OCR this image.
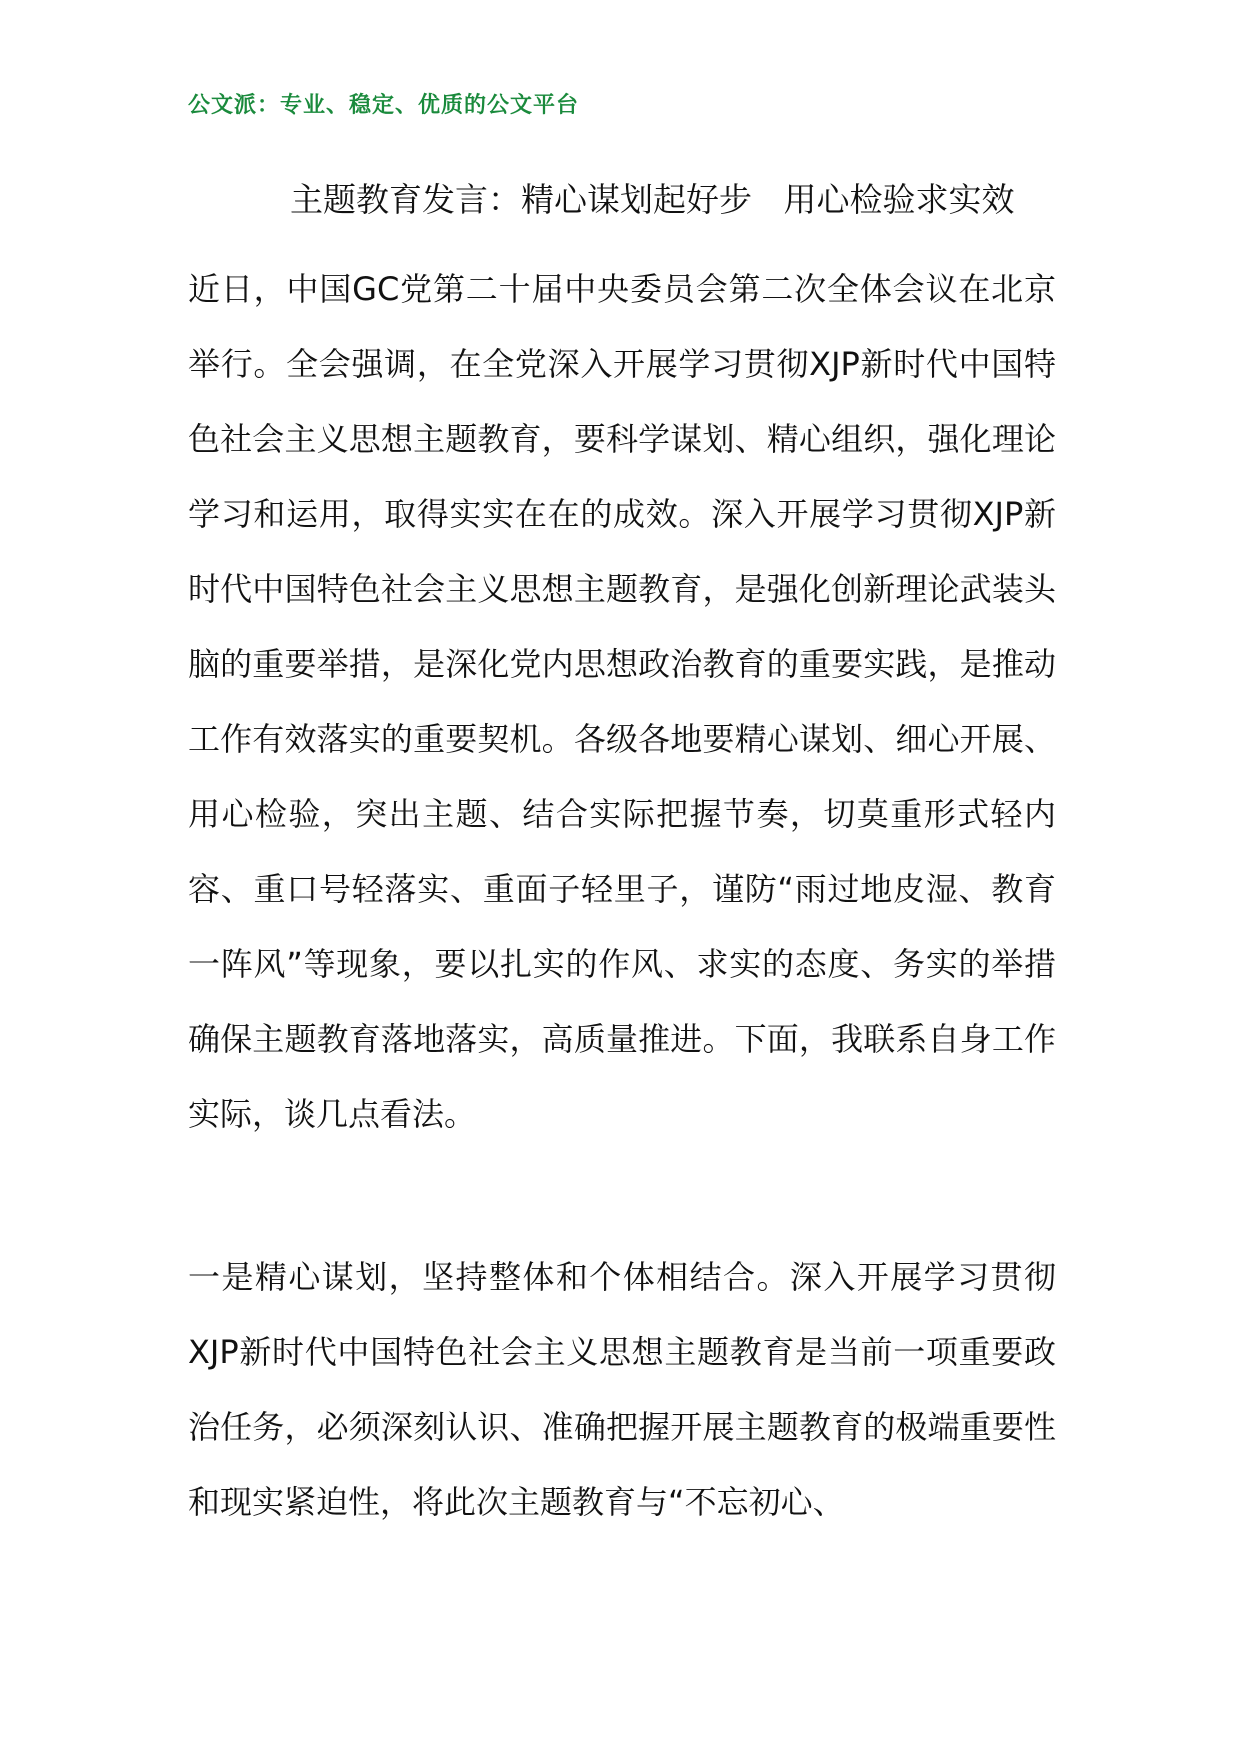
公文派：专业、稳定、优质的公文平台
主题教育发言：精心谋划起好步   用心检验求实效

近日，中国GC党第二十届中央委员会第二次全体会议在北京举行。全会强调，在全党深入开展学习贯彻XJP新时代中国特色社会主义思想主题教育，要科学谋划、精心组织，强化理论学习和运用，取得实实在在的成效。深入开展学习贯彻XJP新时代中国特色社会主义思想主题教育，是强化创新理论武装头脑的重要举措，是深化党内思想政治教育的重要实践，是推动工作有效落实的重要契机。各级各地要精心谋划、细心开展、用心检验，突出主题、结合实际把握节奏，切莫重形式轻内容、重口号轻落实、重面子轻里子，谨防“雨过地皮湿、教育一阵风”等现象，要以扎实的作风、求实的态度、务实的举措确保主题教育落地落实，高质量推进。下面，我联系自身工作实际，谈几点看法。

一是精心谋划，坚持整体和个体相结合。深入开展学习贯彻XJP新时代中国特色社会主义思想主题教育是当前一项重要政治任务，必须深刻认识、准确把握开展主题教育的极端重要性和现实紧迫性，将此次主题教育与“不忘初心、
